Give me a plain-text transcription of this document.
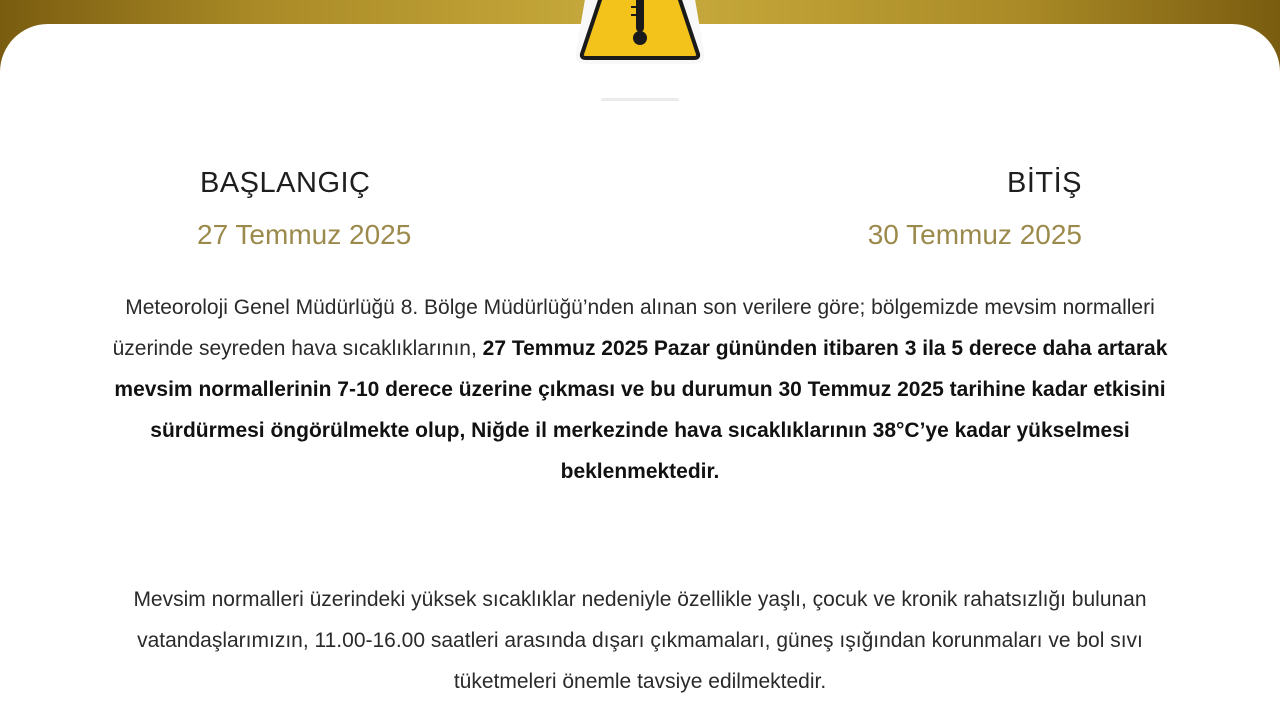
BAŞLANGIÇ
27 Temmuz 2025
BİTİŞ
30 Temmuz 2025
Meteoroloji Genel Müdürlüğü 8. Bölge Müdürlüğü’nden alınan son verilere göre; bölgemizde mevsim normalleri üzerinde seyreden hava sıcaklıklarının, 27 Temmuz 2025 Pazar gününden itibaren 3 ila 5 derece daha artarak mevsim normallerinin 7-10 derece üzerine çıkması ve bu durumun 30 Temmuz 2025 tarihine kadar etkisini sürdürmesi öngörülmekte olup, Niğde il merkezinde hava sıcaklıklarının 38°C’ye kadar yükselmesi beklenmektedir.
Mevsim normalleri üzerindeki yüksek sıcaklıklar nedeniyle özellikle yaşlı, çocuk ve kronik rahatsızlığı bulunan vatandaşlarımızın, 11.00-16.00 saatleri arasında dışarı çıkmamaları, güneş ışığından korunmaları ve bol sıvı tüketmeleri önemle tavsiye edilmektedir.
